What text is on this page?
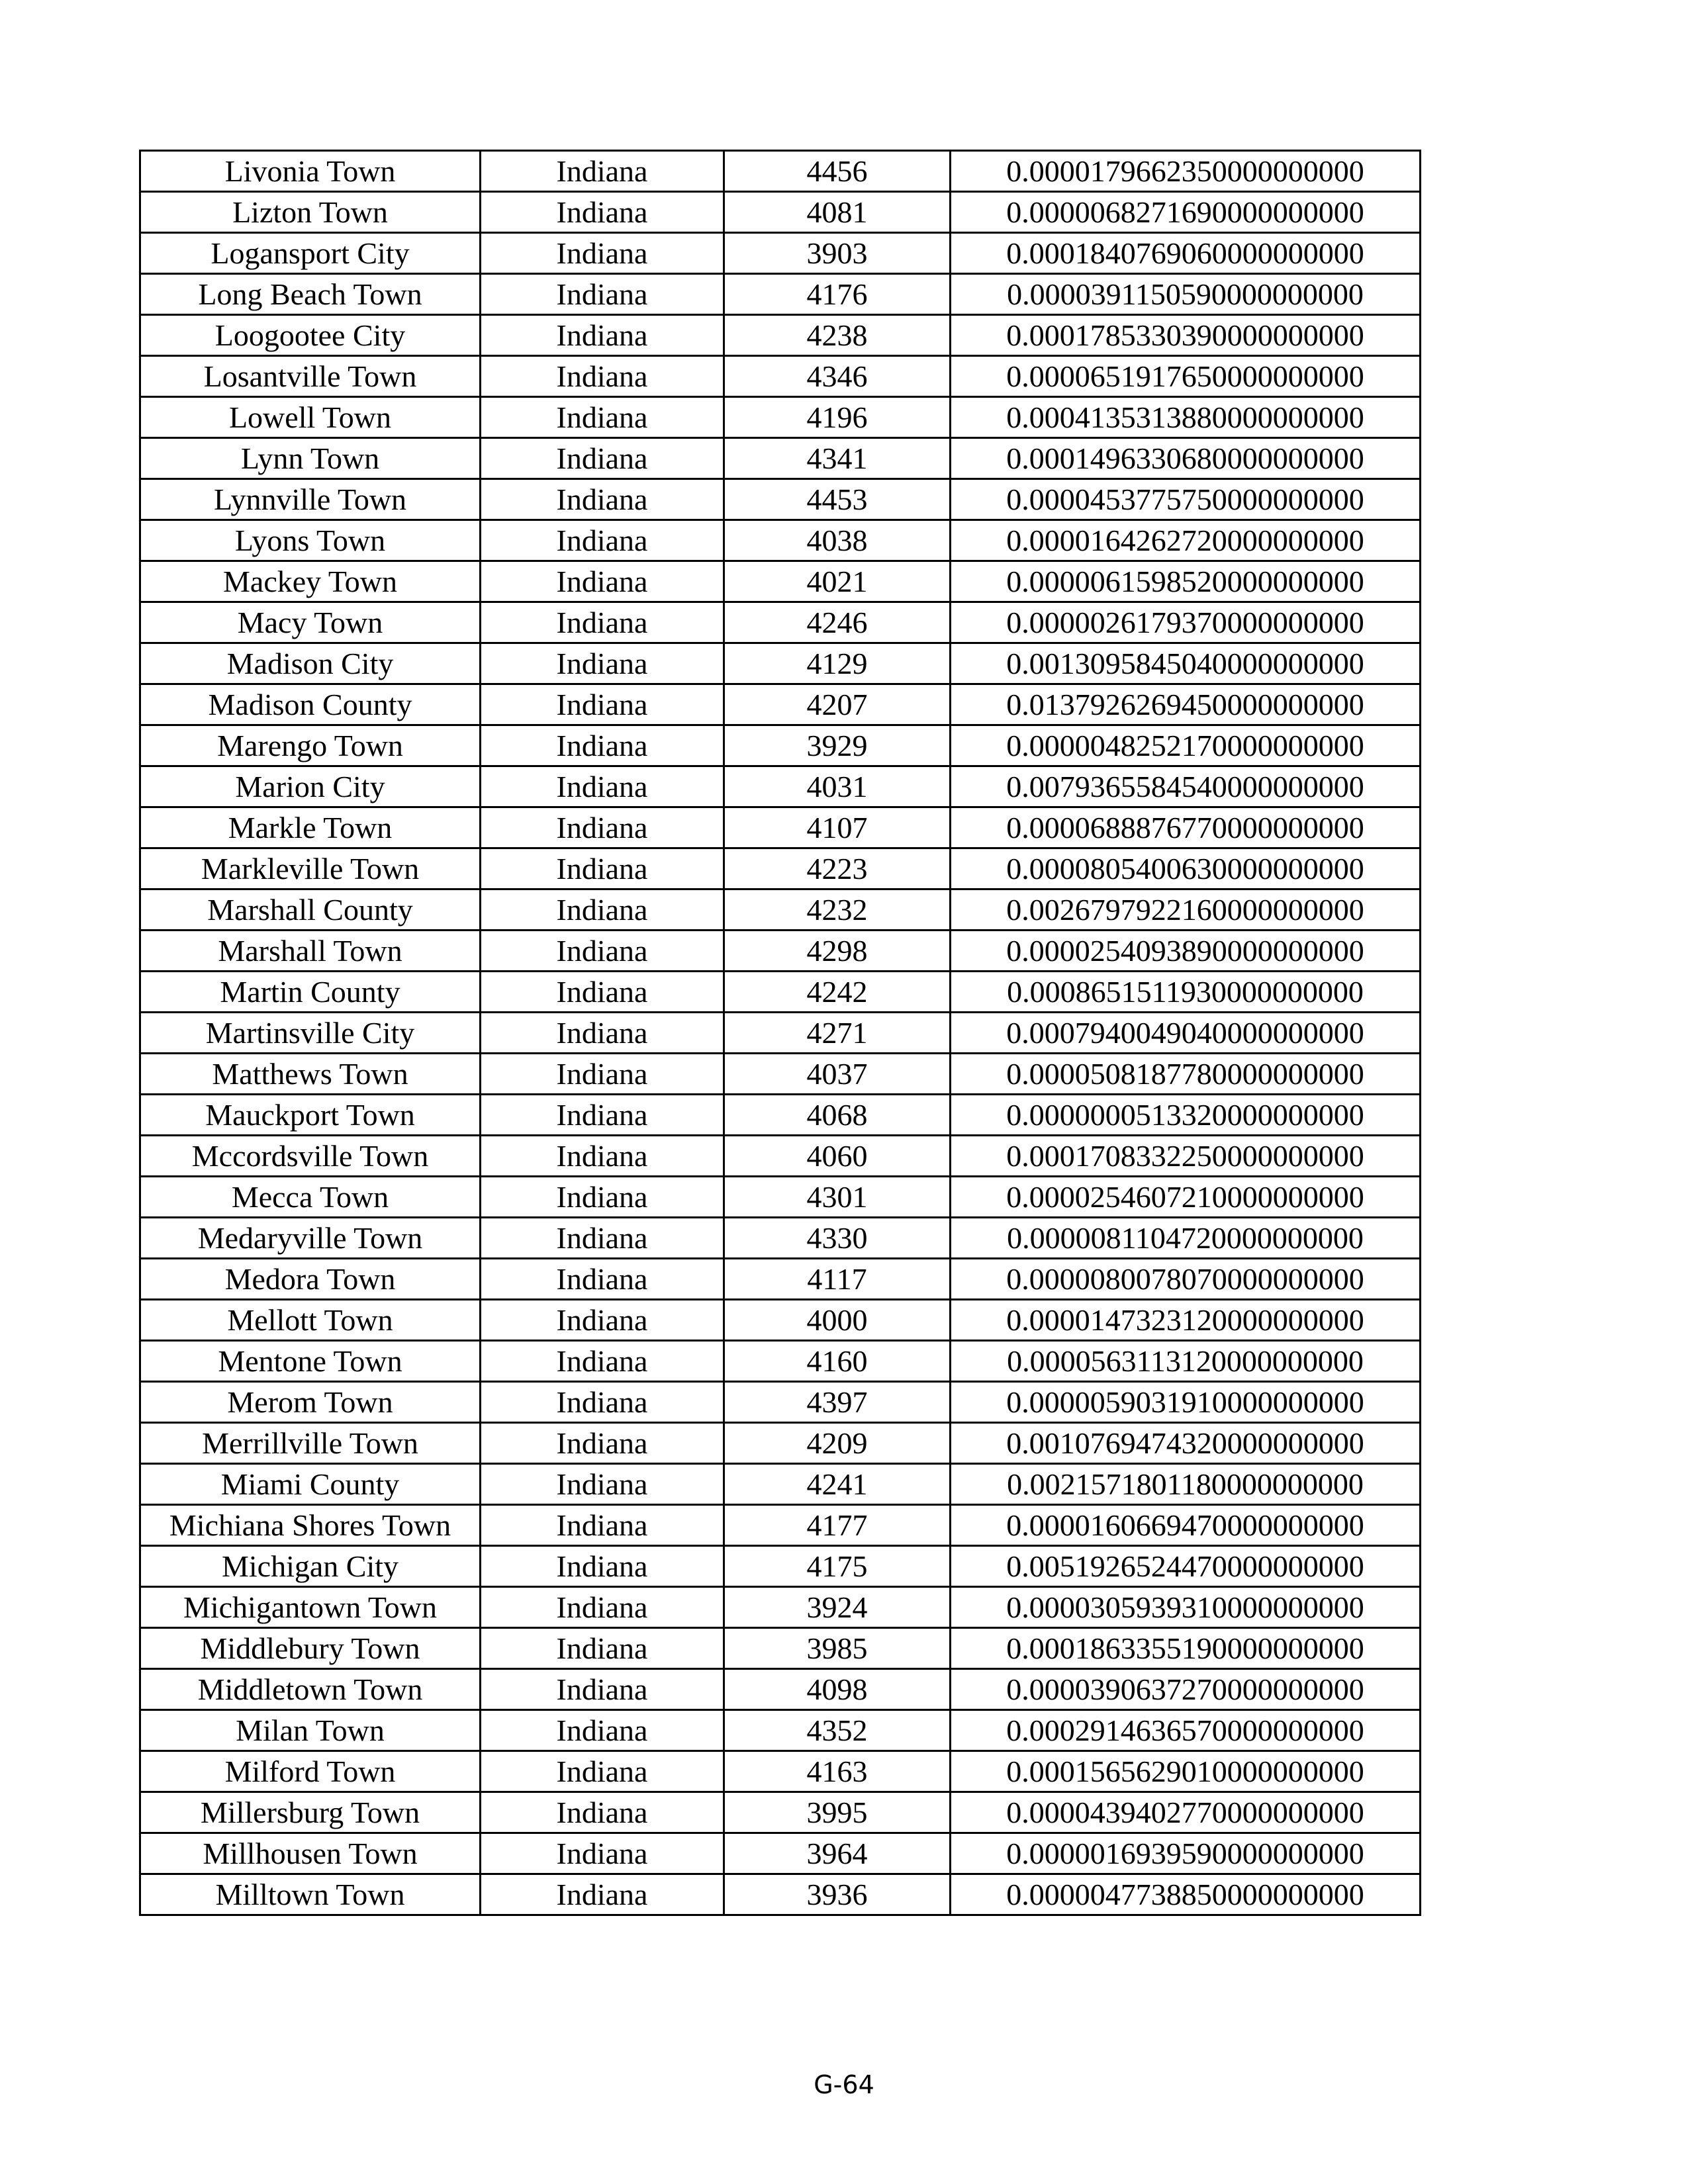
Livonia Town	Indiana	4456	0.0000179662350000000000
Lizton Town	Indiana	4081	0.0000068271690000000000
Logansport City	Indiana	3903	0.0001840769060000000000
Long Beach Town	Indiana	4176	0.0000391150590000000000
Loogootee City	Indiana	4238	0.0001785330390000000000
Losantville Town	Indiana	4346	0.0000651917650000000000
Lowell Town	Indiana	4196	0.0004135313880000000000
Lynn Town	Indiana	4341	0.0001496330680000000000
Lynnville Town	Indiana	4453	0.0000453775750000000000
Lyons Town	Indiana	4038	0.0000164262720000000000
Mackey Town	Indiana	4021	0.0000061598520000000000
Macy Town	Indiana	4246	0.0000026179370000000000
Madison City	Indiana	4129	0.0013095845040000000000
Madison County	Indiana	4207	0.0137926269450000000000
Marengo Town	Indiana	3929	0.0000048252170000000000
Marion City	Indiana	4031	0.0079365584540000000000
Markle Town	Indiana	4107	0.0000688876770000000000
Markleville Town	Indiana	4223	0.0000805400630000000000
Marshall County	Indiana	4232	0.0026797922160000000000
Marshall Town	Indiana	4298	0.0000254093890000000000
Martin County	Indiana	4242	0.0008651511930000000000
Martinsville City	Indiana	4271	0.0007940049040000000000
Matthews Town	Indiana	4037	0.0000508187780000000000
Mauckport Town	Indiana	4068	0.0000000513320000000000
Mccordsville Town	Indiana	4060	0.0001708332250000000000
Mecca Town	Indiana	4301	0.0000254607210000000000
Medaryville Town	Indiana	4330	0.0000081104720000000000
Medora Town	Indiana	4117	0.0000080078070000000000
Mellott Town	Indiana	4000	0.0000147323120000000000
Mentone Town	Indiana	4160	0.0000563113120000000000
Merom Town	Indiana	4397	0.0000059031910000000000
Merrillville Town	Indiana	4209	0.0010769474320000000000
Miami County	Indiana	4241	0.0021571801180000000000
Michiana Shores Town	Indiana	4177	0.0000160669470000000000
Michigan City	Indiana	4175	0.0051926524470000000000
Michigantown Town	Indiana	3924	0.0000305939310000000000
Middlebury Town	Indiana	3985	0.0001863355190000000000
Middletown Town	Indiana	4098	0.0000390637270000000000
Milan Town	Indiana	4352	0.0002914636570000000000
Milford Town	Indiana	4163	0.0001565629010000000000
Millersburg Town	Indiana	3995	0.0000439402770000000000
Millhousen Town	Indiana	3964	0.0000016939590000000000
Milltown Town	Indiana	3936	0.0000047738850000000000
G-64
